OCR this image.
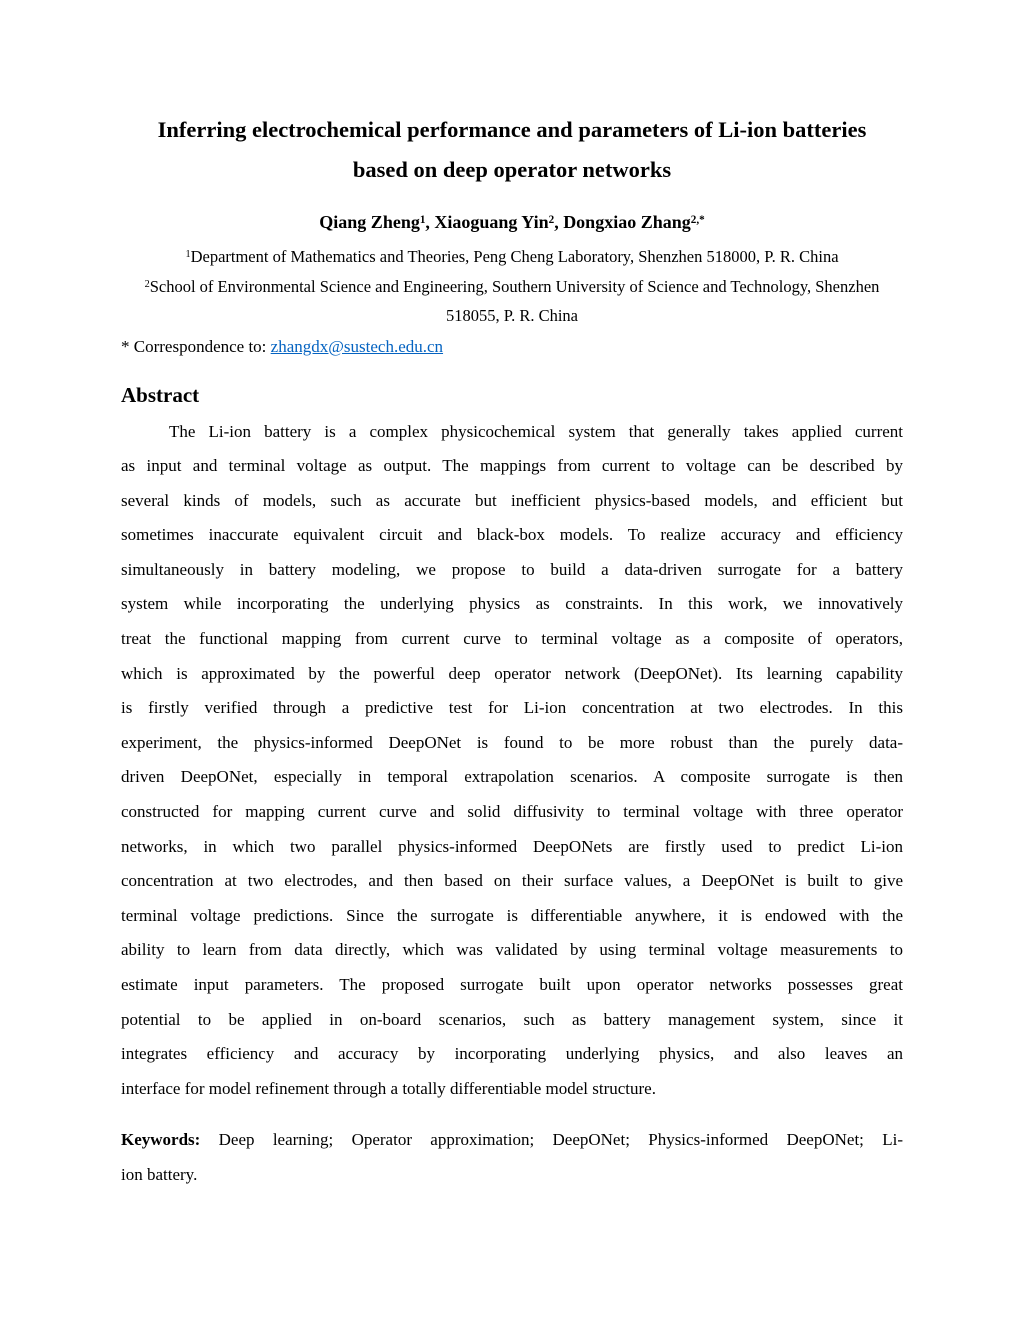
Inferring electrochemical performance and parameters of Li-ion batteries
based on deep operator networks
Qiang Zheng$^1$, Xiaoguang Yin$^2$, Dongxiao Zhang$^{2,*}$
$^1$Department of Mathematics and Theories, Peng Cheng Laboratory, Shenzhen 518000, P. R. China
$^2$School of Environmental Science and Engineering, Southern University of Science and Technology, Shenzhen
518055, P. R. China
* Correspondence to: zhangdx@sustech.edu.cn
Abstract
The Li-ion battery is a complex physicochemical system that generally takes applied current
as input and terminal voltage as output. The mappings from current to voltage can be described by
several kinds of models, such as accurate but inefficient physics-based models, and efficient but
sometimes inaccurate equivalent circuit and black-box models. To realize accuracy and efficiency
simultaneously in battery modeling, we propose to build a data-driven surrogate for a battery
system while incorporating the underlying physics as constraints. In this work, we innovatively
treat the functional mapping from current curve to terminal voltage as a composite of operators,
which is approximated by the powerful deep operator network (DeepONet). Its learning capability
is firstly verified through a predictive test for Li-ion concentration at two electrodes. In this
experiment, the physics-informed DeepONet is found to be more robust than the purely data-
driven DeepONet, especially in temporal extrapolation scenarios. A composite surrogate is then
constructed for mapping current curve and solid diffusivity to terminal voltage with three operator
networks, in which two parallel physics-informed DeepONets are firstly used to predict Li-ion
concentration at two electrodes, and then based on their surface values, a DeepONet is built to give
terminal voltage predictions. Since the surrogate is differentiable anywhere, it is endowed with the
ability to learn from data directly, which was validated by using terminal voltage measurements to
estimate input parameters. The proposed surrogate built upon operator networks possesses great
potential to be applied in on-board scenarios, such as battery management system, since it
integrates efficiency and accuracy by incorporating underlying physics, and also leaves an
interface for model refinement through a totally differentiable model structure.
Keywords: Deep learning; Operator approximation; DeepONet; Physics-informed DeepONet; Li-
ion battery.
